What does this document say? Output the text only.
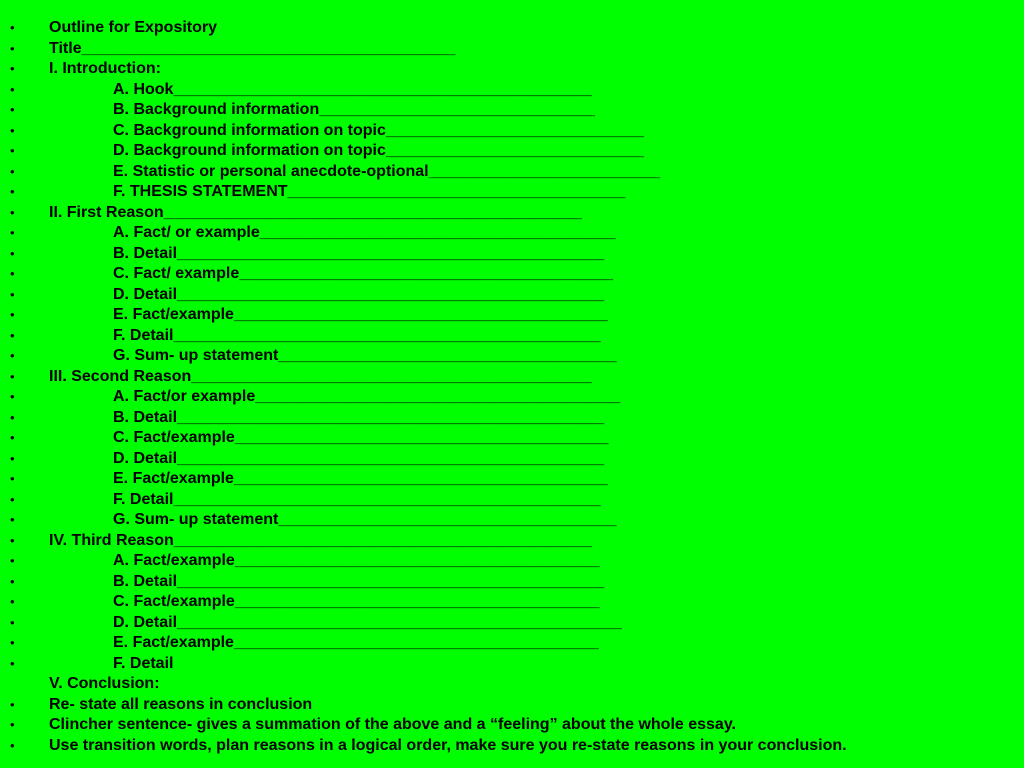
•	Outline for Expository
•	Title__________________________________________
•	I. Introduction:
•	A. Hook_______________________________________________
•	B. Background information_______________________________
•	C. Background information on topic_____________________________
•	D. Background information on topic_____________________________
•	E. Statistic or personal anecdote-optional__________________________
•	F. THESIS STATEMENT______________________________________
•	II. First Reason_______________________________________________
•	A. Fact/ or example________________________________________
•	B. Detail________________________________________________
•	C. Fact/ example__________________________________________
•	D. Detail________________________________________________
•	E. Fact/example__________________________________________
•	F. Detail________________________________________________
•	G. Sum- up statement______________________________________
•	III. Second Reason_____________________________________________
•	A. Fact/or example_________________________________________
•	B. Detail________________________________________________
•	C. Fact/example__________________________________________
•	D. Detail________________________________________________
•	E. Fact/example__________________________________________
•	F. Detail________________________________________________
•	G. Sum- up statement______________________________________
•	IV. Third Reason_______________________________________________
•	A. Fact/example_________________________________________
•	B. Detail________________________________________________
•	C. Fact/example_________________________________________
•	D. Detail__________________________________________________
•	E. Fact/example_________________________________________
•	F. Detail
V. Conclusion:
•	Re- state all reasons in conclusion
•	Clincher sentence- gives a summation of the above and a “feeling” about the whole essay.
•	Use transition words, plan reasons in a logical order, make sure you re-state reasons in your conclusion.
